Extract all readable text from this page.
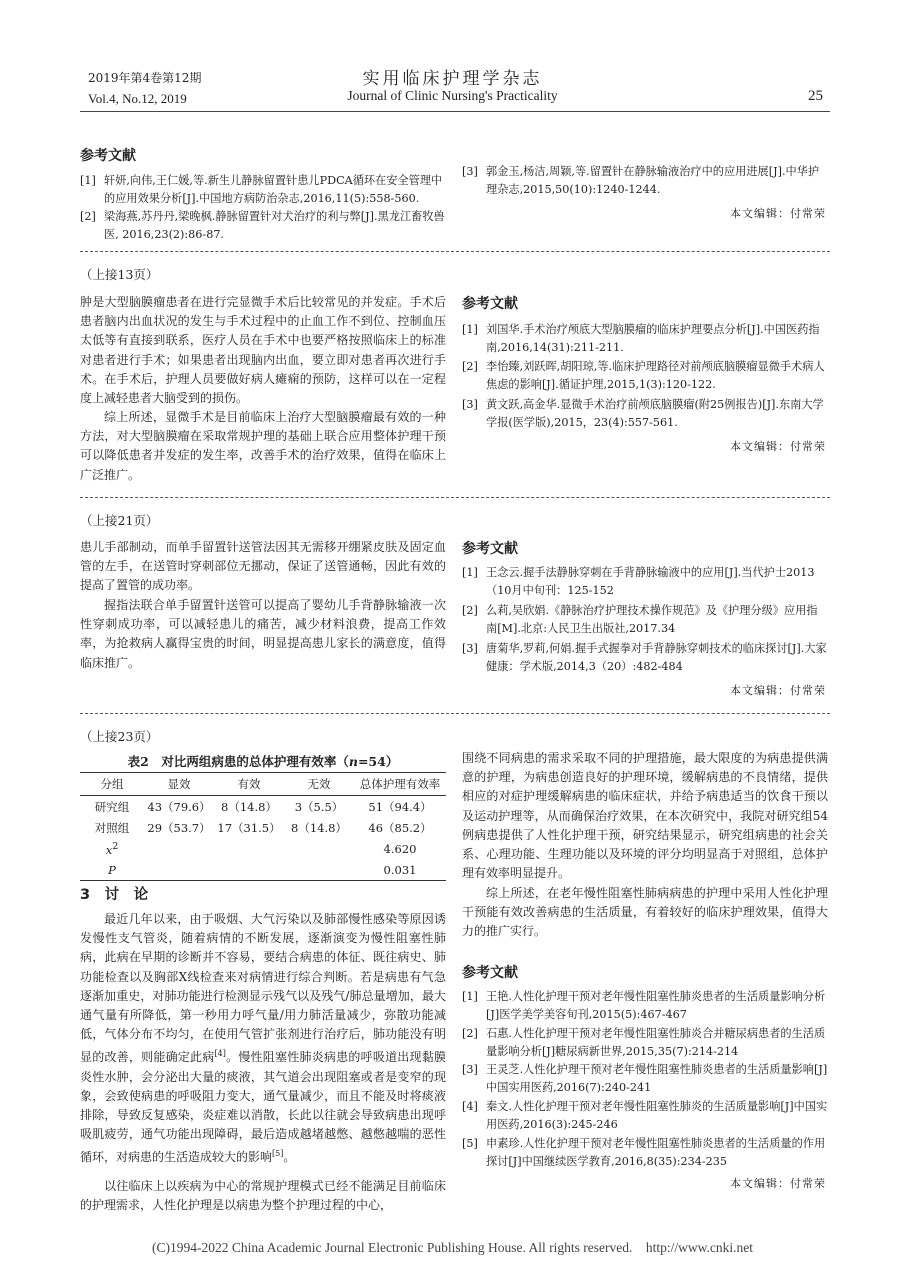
2019年第4卷第12期
Vol.4, No.12, 2019
实用临床护理学杂志
Journal of Clinic Nursing's Practicality	25
参考文献
[1] 轩妍,向伟,王仁媛,等.新生儿静脉留置针患儿PDCA循环在安全管理中的应用效果分析[J].中国地方病防治杂志,2016,11(5):558-560.
[2] 梁海燕,苏丹丹,梁晚枫.静脉留置针对犬治疗的利与弊[J].黑龙江畜牧兽医, 2016,23(2):86-87.
[3] 郭金玉,杨洁,周颖,等.留置针在静脉输液治疗中的应用进展[J].中华护理杂志,2015,50(10):1240-1244.
本文编辑：付常荣
（上接13页）
肿是大型脑膜瘤患者在进行完显微手术后比较常见的并发症。手术后患者脑内出血状况的发生与手术过程中的止血工作不到位、控制血压太低等有直接到联系，医疗人员在手术中也要严格按照临床上的标准对患者进行手术；如果患者出现脑内出血，要立即对患者再次进行手术。在手术后，护理人员要做好病人瘫痫的预防，这样可以在一定程度上减轻患者大脑受到的损伤。
综上所述，显微手术是目前临床上治疗大型脑膜瘤最有效的一种方法，对大型脑膜瘤在采取常规护理的基础上联合应用整体护理干预可以降低患者并发症的发生率，改善手术的治疗效果，值得在临床上广泛推广。
参考文献
[1] 刘国华.手术治疗颅底大型脑膜瘤的临床护理要点分析[J].中国医药指南,2016,14(31):211-211.
[2] 李怡臻,刘跃晖,胡阳琼,等.临床护理路径对前颅底脑膜瘤显微手术病人焦虑的影响[J].循证护理,2015,1(3):120-122.
[3] 黄文跃,高金华.显微手术治疗前颅底脑膜瘤(附25例报告)[J].东南大学学报(医学版),2015，23(4):557-561.
本文编辑：付常荣
（上接21页）
患儿手部制动，而单手留置针送管法因其无需移开绷紧皮肤及固定血管的左手，在送管时穿刺部位无挪动，保证了送管通畅，因此有效的提高了置管的成功率。
握指法联合单手留置针送管可以提高了婴幼儿手背静脉输液一次性穿刺成功率，可以减轻患儿的痛苦，减少材料浪费，提高工作效率，为抢救病人赢得宝贵的时间，明显提高患儿家长的满意度，值得临床推广。
参考文献
[1] 王念云.握手法静脉穿刺在手背静脉输液中的应用[J].当代护士2013（10月中旬刊：125-152
[2] 么莉,吴欣娟.《静脉治疗护理技术操作规范》及《护理分级》应用指南[M].北京:人民卫生出版社,2017.34
[3] 唐菊华,罗莉,何娟.握手式握拳对手背静脉穿刺技术的临床探讨[J].大家健康：学术版,2014,3（20）:482-484
本文编辑：付常荣
（上接23页）
表2　对比两组病患的总体护理有效率（n=54）
分组	显效	有效	无效	总体护理有效率
研究组	43（79.6）	8（14.8）	3（5.5）	51（94.4）
对照组	29（53.7）	17（31.5）	8（14.8）	46（85.2）
$x^2$				4.620
P				0.031
3　讨　论
最近几年以来，由于吸烟、大气污染以及肺部慢性感染等原因诱发慢性支气管炎，随着病情的不断发展，逐渐演变为慢性阻塞性肺病，此病在早期的诊断并不容易，要结合病患的体征、既往病史、肺功能检查以及胸部X线检查来对病情进行综合判断。若是病患有气急逐渐加重史，对肺功能进行检测显示残气以及残气/肺总量增加，最大通气量有所降低，第一秒用力呼气量/用力肺活量减少，弥散功能减低，气体分布不均匀，在使用气管扩张剂进行治疗后，肺功能没有明显的改善，则能确定此病[4]。慢性阻塞性肺炎病患的呼吸道出现黏膜炎性水肿，会分泌出大量的痰液，其气道会出现阻塞或者是变窄的现象，会致使病患的呼吸阻力变大，通气量减少，而且不能及时将痰液排除，导致反复感染，炎症难以消散，长此以往就会导致病患出现呼吸肌疲劳，通气功能出现障碍，最后造成越堵越憋、越憋越喘的恶性循环，对病患的生活造成较大的影响[5]。
以往临床上以疾病为中心的常规护理模式已经不能满足目前临床的护理需求，人性化护理是以病患为整个护理过程的中心，
围绕不同病患的需求采取不同的护理措施，最大限度的为病患提供满意的护理，为病患创造良好的护理环境，缓解病患的不良情绪，提供相应的对症护理缓解病患的临床症状，并给予病患适当的饮食干预以及运动护理等，从而确保治疗效果，在本次研究中，我院对研究组54例病患提供了人性化护理干预，研究结果显示，研究组病患的社会关系、心理功能、生理功能以及环境的评分均明显高于对照组，总体护理有效率明显提升。
综上所述，在老年慢性阻塞性肺病病患的护理中采用人性化护理干预能有效改善病患的生活质量，有着较好的临床护理效果，值得大力的推广实行。
参考文献
[1] 王艳.人性化护理干预对老年慢性阻塞性肺炎患者的生活质量影响分析[J]医学美学美容旬刊,2015(5):467-467
[2] 石惠.人性化护理干预对老年慢性阻塞性肺炎合并糖尿病患者的生活质量影响分析[J]糖尿病新世界,2015,35(7):214-214
[3] 王灵芝.人性化护理干预对老年慢性阻塞性肺炎患者的生活质量影响[J]中国实用医药,2016(7):240-241
[4] 秦文.人性化护理干预对老年慢性阻塞性肺炎的生活质量影响[J]中国实用医药,2016(3):245-246
[5] 申素珍.人性化护理干预对老年慢性阻塞性肺炎患者的生活质量的作用探讨[J]中国继续医学教育,2016,8(35):234-235
本文编辑：付常荣
(C)1994-2022 China Academic Journal Electronic Publishing House. All rights reserved.　http://www.cnki.net
